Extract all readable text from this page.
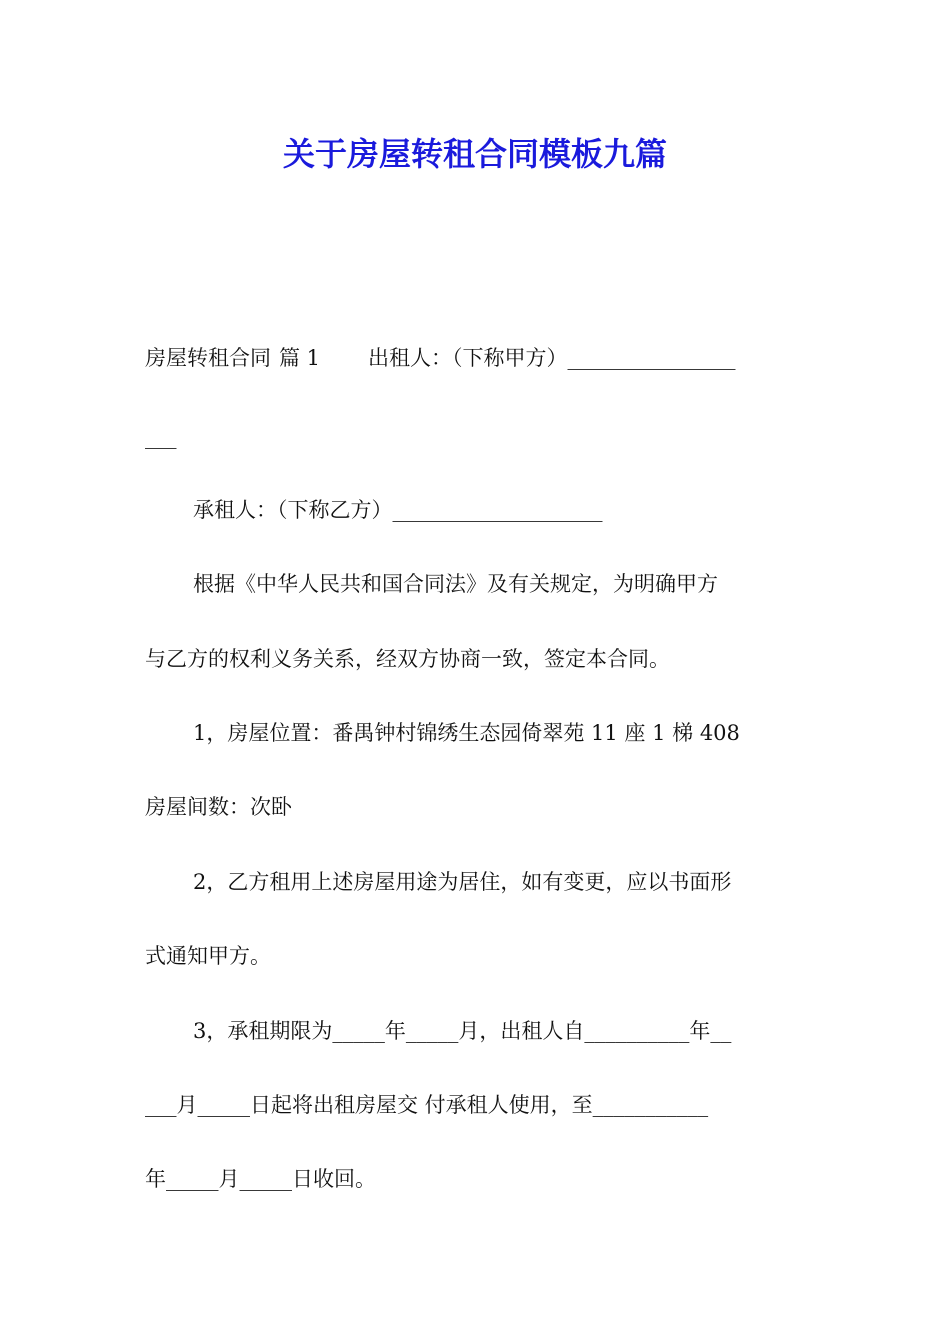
关于房屋转租合同模板九篇
房屋转租合同 篇 1 出租人：（下称甲方）________________
___
承租人：（下称乙方）____________________
根据《中华人民共和国合同法》及有关规定，为明确甲方
与乙方的权利义务关系，经双方协商一致，签定本合同。
1，房屋位置：番禺钟村锦绣生态园倚翠苑 11 座 1 梯 408
房屋间数：次卧
2，乙方租用上述房屋用途为居住，如有变更，应以书面形
式通知甲方。
3，承租期限为_____年_____月，出租人自__________年__
___月_____日起将出租房屋交 付承租人使用，至___________
年_____月_____日收回。
